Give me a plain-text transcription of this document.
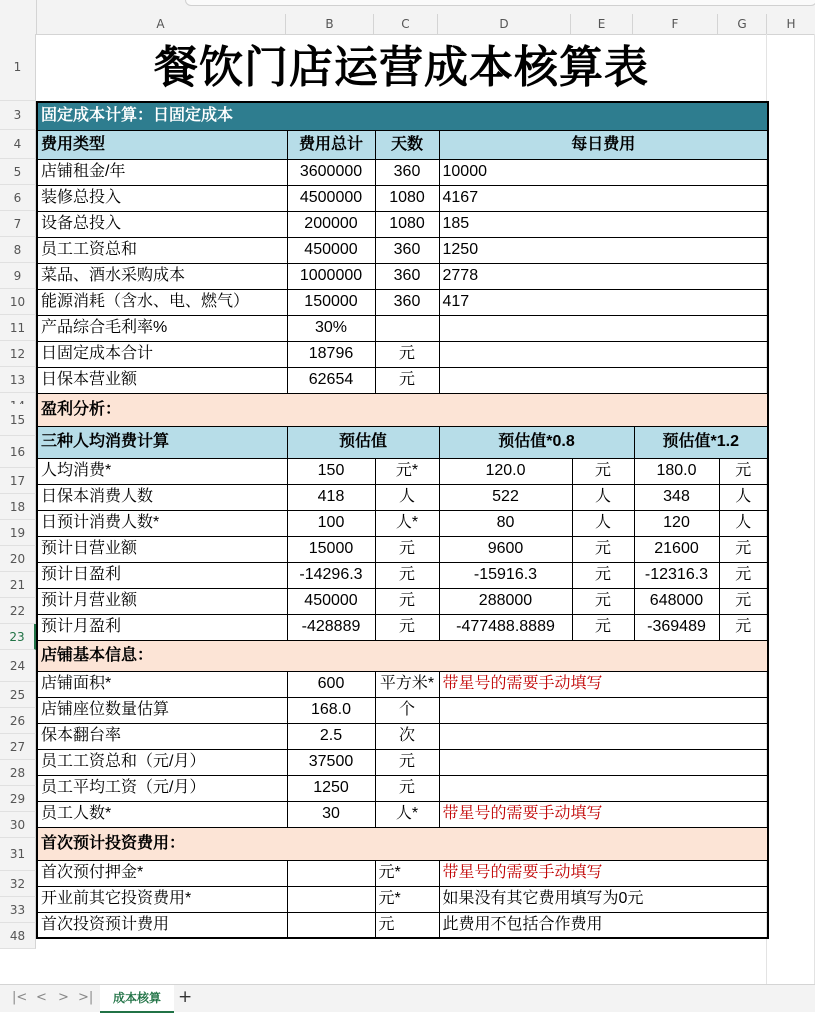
A	B	C	D	E	F	G	H
1
3
4
5
6
7
8
9
10
11
12
13
15
16
17
18
19
20
21
22
23
24
25
26
27
28
29
30
31
32
33
48
餐饮门店运营成本核算表
固定成本计算：日固定成本						
费用类型	费用总计	天数	每日费用			
店铺租金/年	3600000	360	10000			
装修总投入	4500000	1080	4167			
设备总投入	200000	1080	185			
员工工资总和	450000	360	1250			
菜品、酒水采购成本	1000000	360	2778			
能源消耗（含水、电、燃气）	150000	360	417			
产品综合毛利率%	30%					
日固定成本合计	18796	元				
日保本营业额	62654	元				
盈利分析：						
三种人均消费计算	预估值		预估值*0.8		预估值*1.2	
人均消费*	150	元*	120.0	元	180.0	元
日保本消费人数	418	人	522	人	348	人
日预计消费人数*	100	人*	80	人	120	人
预计日营业额	15000	元	9600	元	21600	元
预计日盈利	-14296.3	元	-15916.3	元	-12316.3	元
预计月营业额	450000	元	288000	元	648000	元
预计月盈利	-428889	元	-477488.8889	元	-369489	元
店铺基本信息：						
店铺面积*	600	平方米*	带星号的需要手动填写			
店铺座位数量估算	168.0	个				
保本翻台率	2.5	次				
员工工资总和（元/月）	37500	元				
员工平均工资（元/月）	1250	元				
员工人数*	30	人*	带星号的需要手动填写			
首次预计投资费用：						
首次预付押金*		元*	带星号的需要手动填写			
开业前其它投资费用*		元*	如果没有其它费用填写为0元			
首次投资预计费用		元	此费用不包括合作费用			
|< < > >|	成本核算	+
